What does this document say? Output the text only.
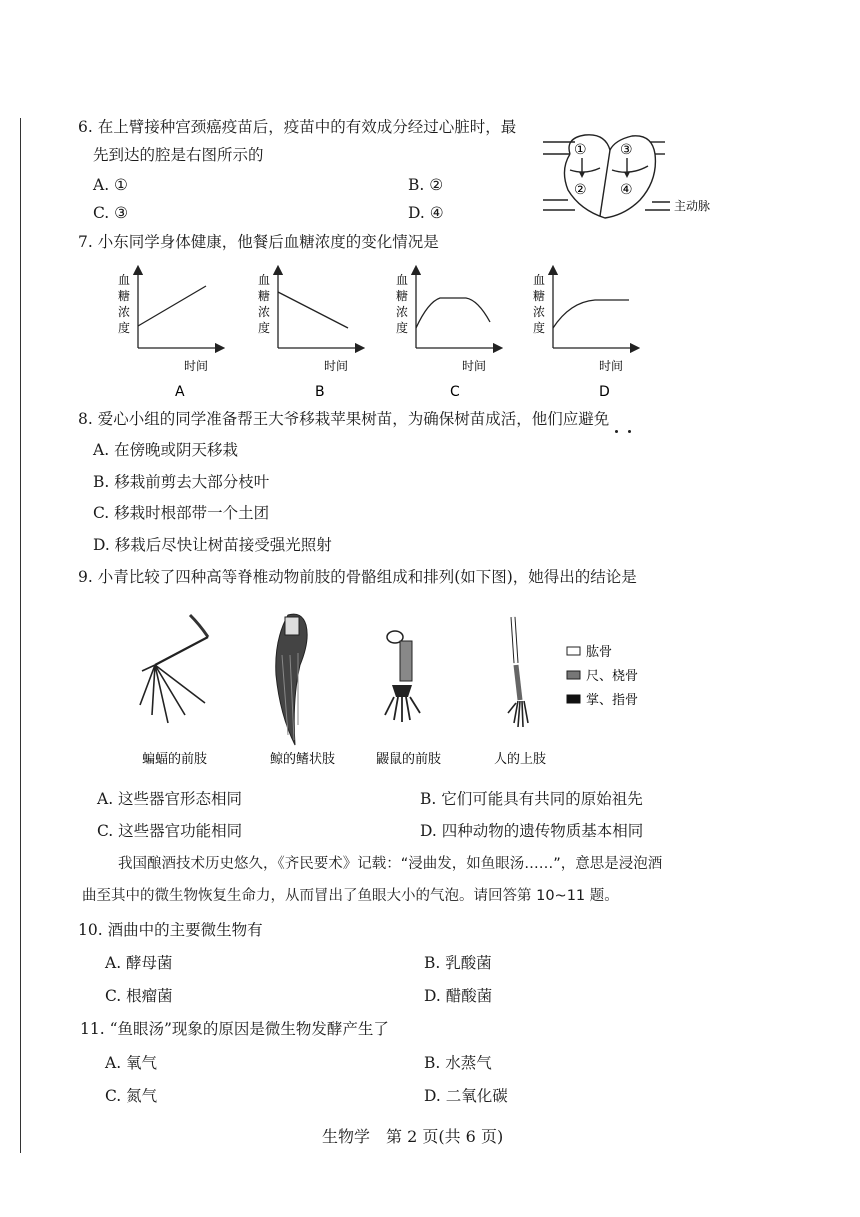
6. 在上臂接种宫颈癌疫苗后，疫苗中的有效成分经过心脏时，最
先到达的腔是右图所示的
A. ①	B. ②
C. ③	D. ④
①
②
③
④
主动脉
7. 小东同学身体健康，他餐后血糖浓度的变化情况是
血
糖
浓
度
时间
A
血
糖
浓
度
时间
B
血
糖
浓
度
时间
C
血
糖
浓
度
时间
D
8. 爱心小组的同学准备帮王大爷移栽苹果树苗，为确保树苗成活，他们应避免
A. 在傍晚或阴天移栽
B. 移栽前剪去大部分枝叶
C. 移栽时根部带一个土团
D. 移栽后尽快让树苗接受强光照射
9. 小青比较了四种高等脊椎动物前肢的骨骼组成和排列(如下图)，她得出的结论是
肱骨
尺、桡骨
掌、指骨
蝙蝠的前肢	鲸的鳍状肢	鼹鼠的前肢	人的上肢
A. 这些器官形态相同	B. 它们可能具有共同的原始祖先
C. 这些器官功能相同	D. 四种动物的遗传物质基本相同
我国酿酒技术历史悠久，《齐民要术》记载：“浸曲发，如鱼眼汤……”，意思是浸泡酒
曲至其中的微生物恢复生命力，从而冒出了鱼眼大小的气泡。请回答第 10~11 题。
10. 酒曲中的主要微生物有
A. 酵母菌	B. 乳酸菌
C. 根瘤菌	D. 醋酸菌
11. “鱼眼汤”现象的原因是微生物发酵产生了
A. 氧气	B. 水蒸气
C. 氮气	D. 二氧化碳
生物学　第 2 页(共 6 页)
